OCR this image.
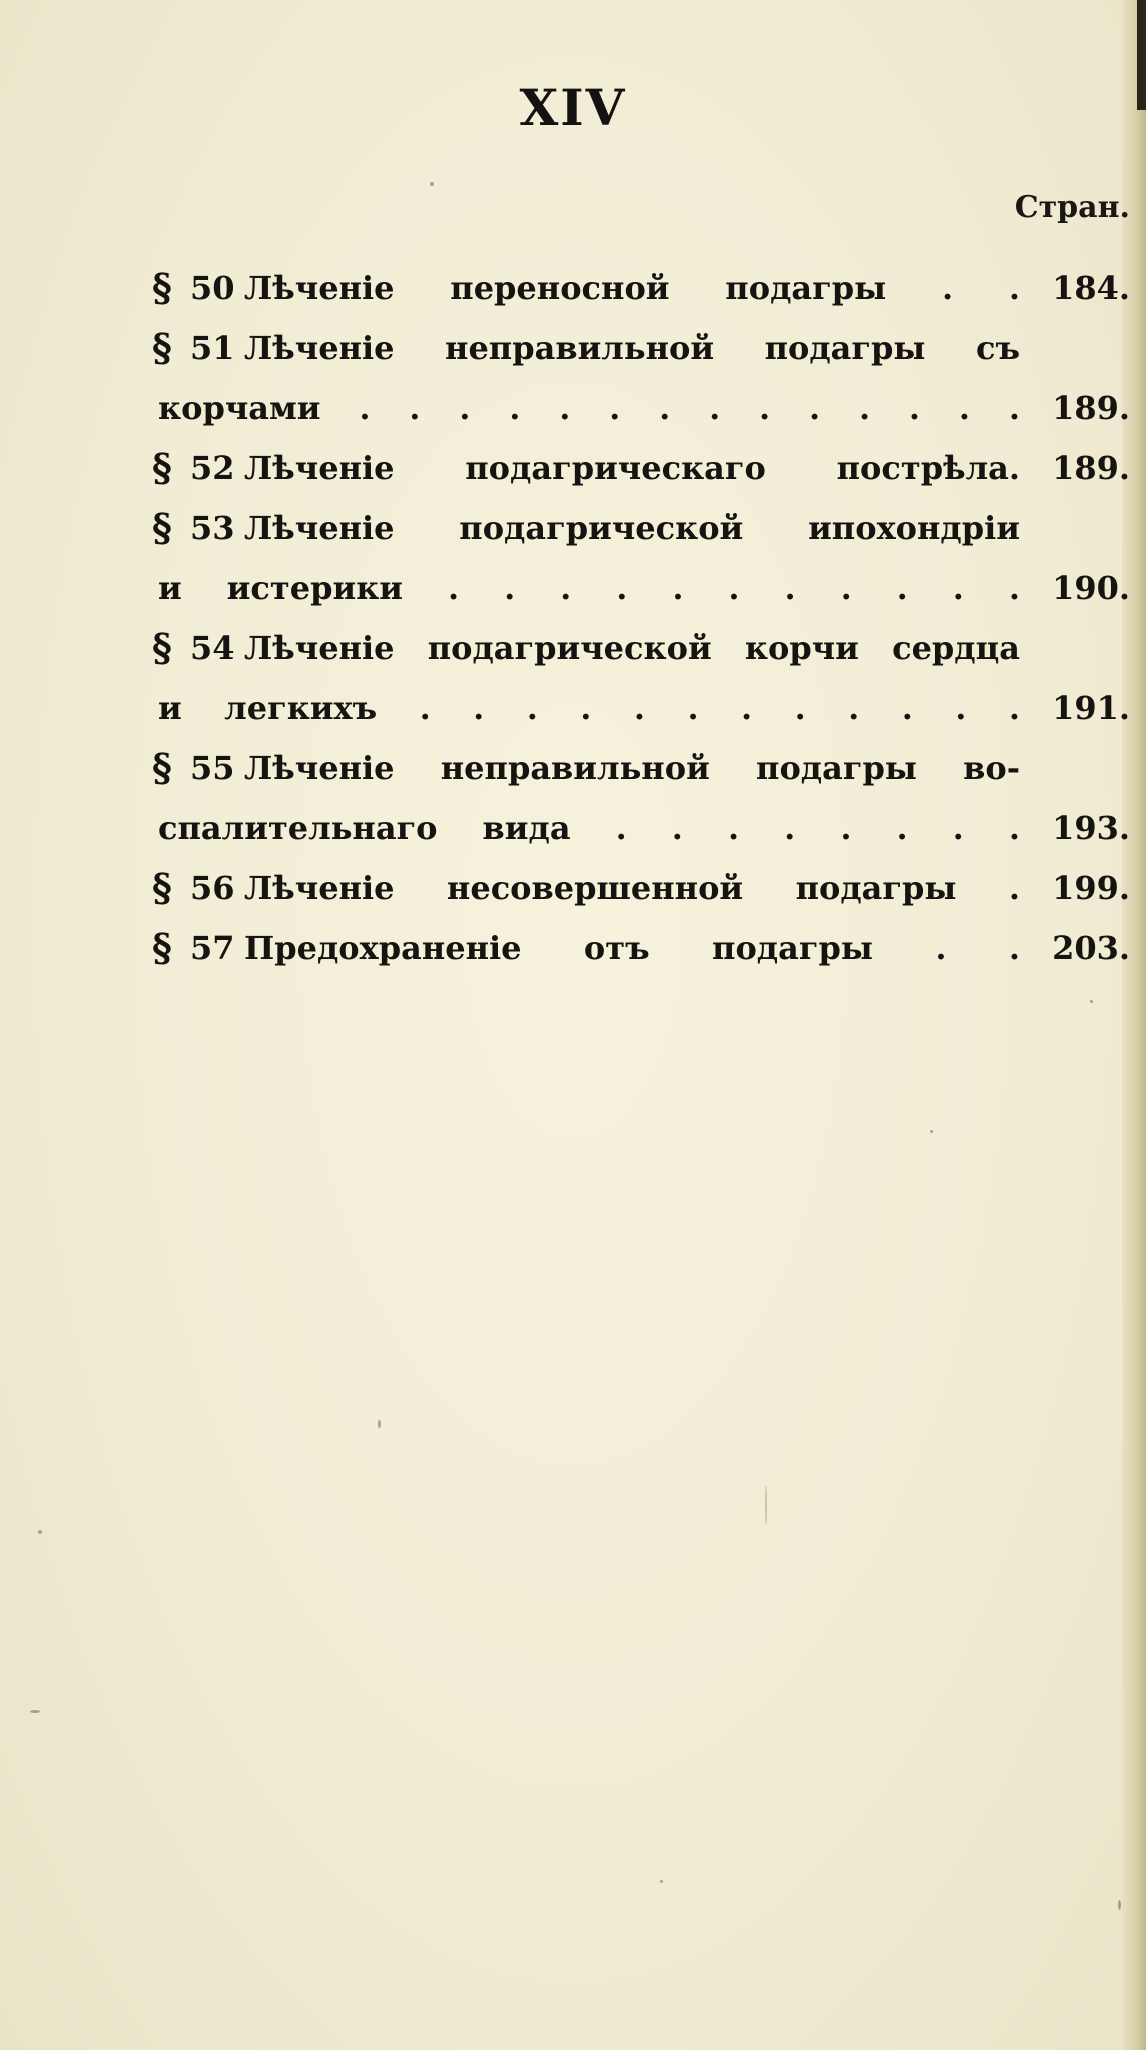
XIV
Стран.
§ 50 Лѣченіе переносной подагры . .	184.
§ 51 Лѣченіе неправильной подагры съ
корчами . . . . . . . . . . . . . .	189.
§ 52 Лѣченіе подагрическаго пострѣла.	189.
§ 53 Лѣченіе подагрической ипохондріи
и истерики . . . . . . . . . . .	190.
§ 54 Лѣченіе подагрической корчи сердца
и легкихъ . . . . . . . . . . . .	191.
§ 55 Лѣченіе неправильной подагры во-
спалительнаго вида . . . . . . . .	193.
§ 56 Лѣченіе несовершенной подагры .	199.
§ 57 Предохраненіе отъ подагры . .	203.
